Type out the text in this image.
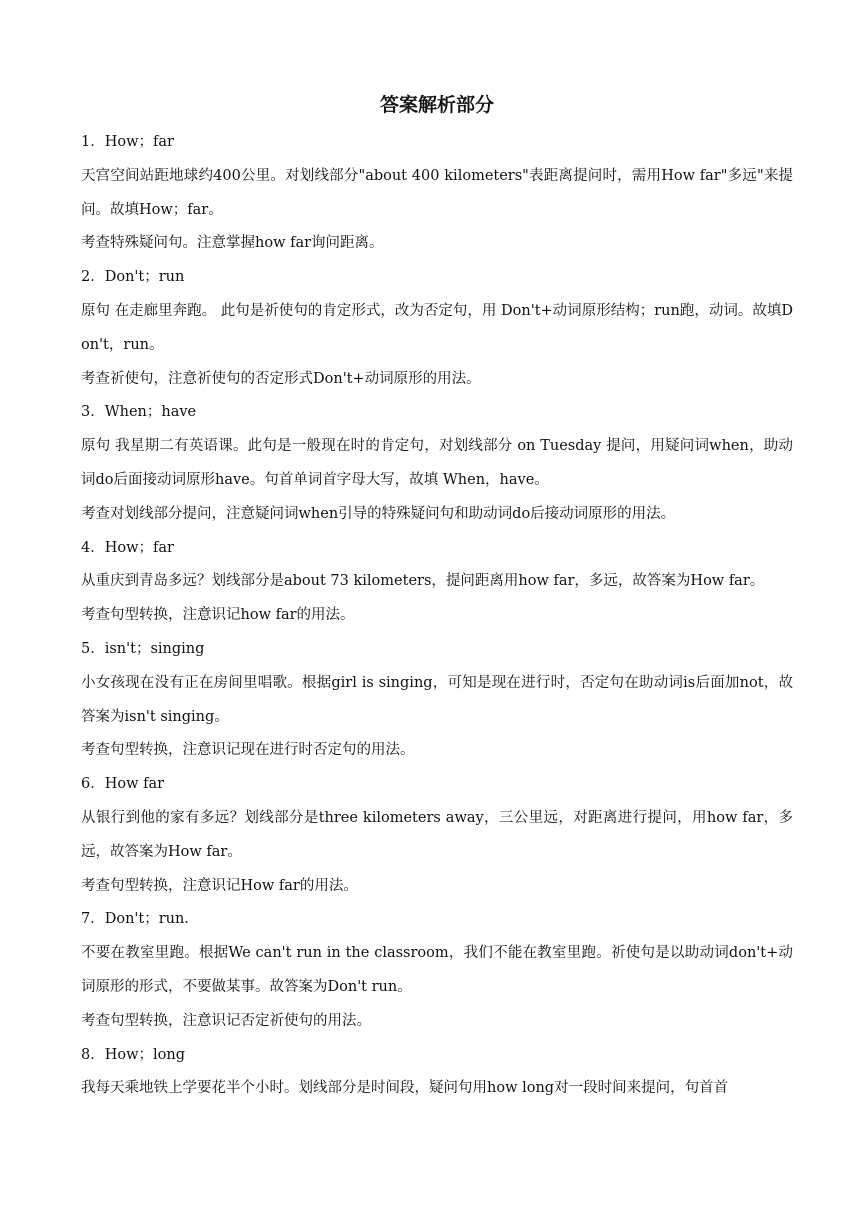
答案解析部分

1．How；far

天宫空间站距地球约400公里。对划线部分"about 400 kilometers"表距离提问时，需用How far"多远"来提问。故填How；far。

考查特殊疑问句。注意掌握how far询问距离。

2．Don't；run

原句 在走廊里奔跑。 此句是祈使句的肯定形式，改为否定句，用 Don't+动词原形结构；run跑，动词。故填Don't，run。

考查祈使句，注意祈使句的否定形式Don't+动词原形的用法。

3．When；have

原句 我星期二有英语课。此句是一般现在时的肯定句，对划线部分 on Tuesday 提问，用疑问词when，助动词do后面接动词原形have。句首单词首字母大写，故填 When，have。

考查对划线部分提问，注意疑问词when引导的特殊疑问句和助动词do后接动词原形的用法。

4．How；far

从重庆到青岛多远？划线部分是about 73 kilometers，提问距离用how far，多远，故答案为How far。

考查句型转换，注意识记how far的用法。

5．isn't；singing

小女孩现在没有正在房间里唱歌。根据girl is singing，可知是现在进行时，否定句在助动词is后面加not，故答案为isn't singing。

考查句型转换，注意识记现在进行时否定句的用法。

6．How far

从银行到他的家有多远？划线部分是three kilometers away，三公里远，对距离进行提问，用how far，多远，故答案为How far。

考查句型转换，注意识记How far的用法。

7．Don't；run．

不要在教室里跑。根据We can't run in the classroom，我们不能在教室里跑。祈使句是以助动词don't+动词原形的形式，不要做某事。故答案为Don't run。

考查句型转换，注意识记否定祈使句的用法。

8．How；long

我每天乘地铁上学要花半个小时。划线部分是时间段，疑问句用how long对一段时间来提问，句首首
